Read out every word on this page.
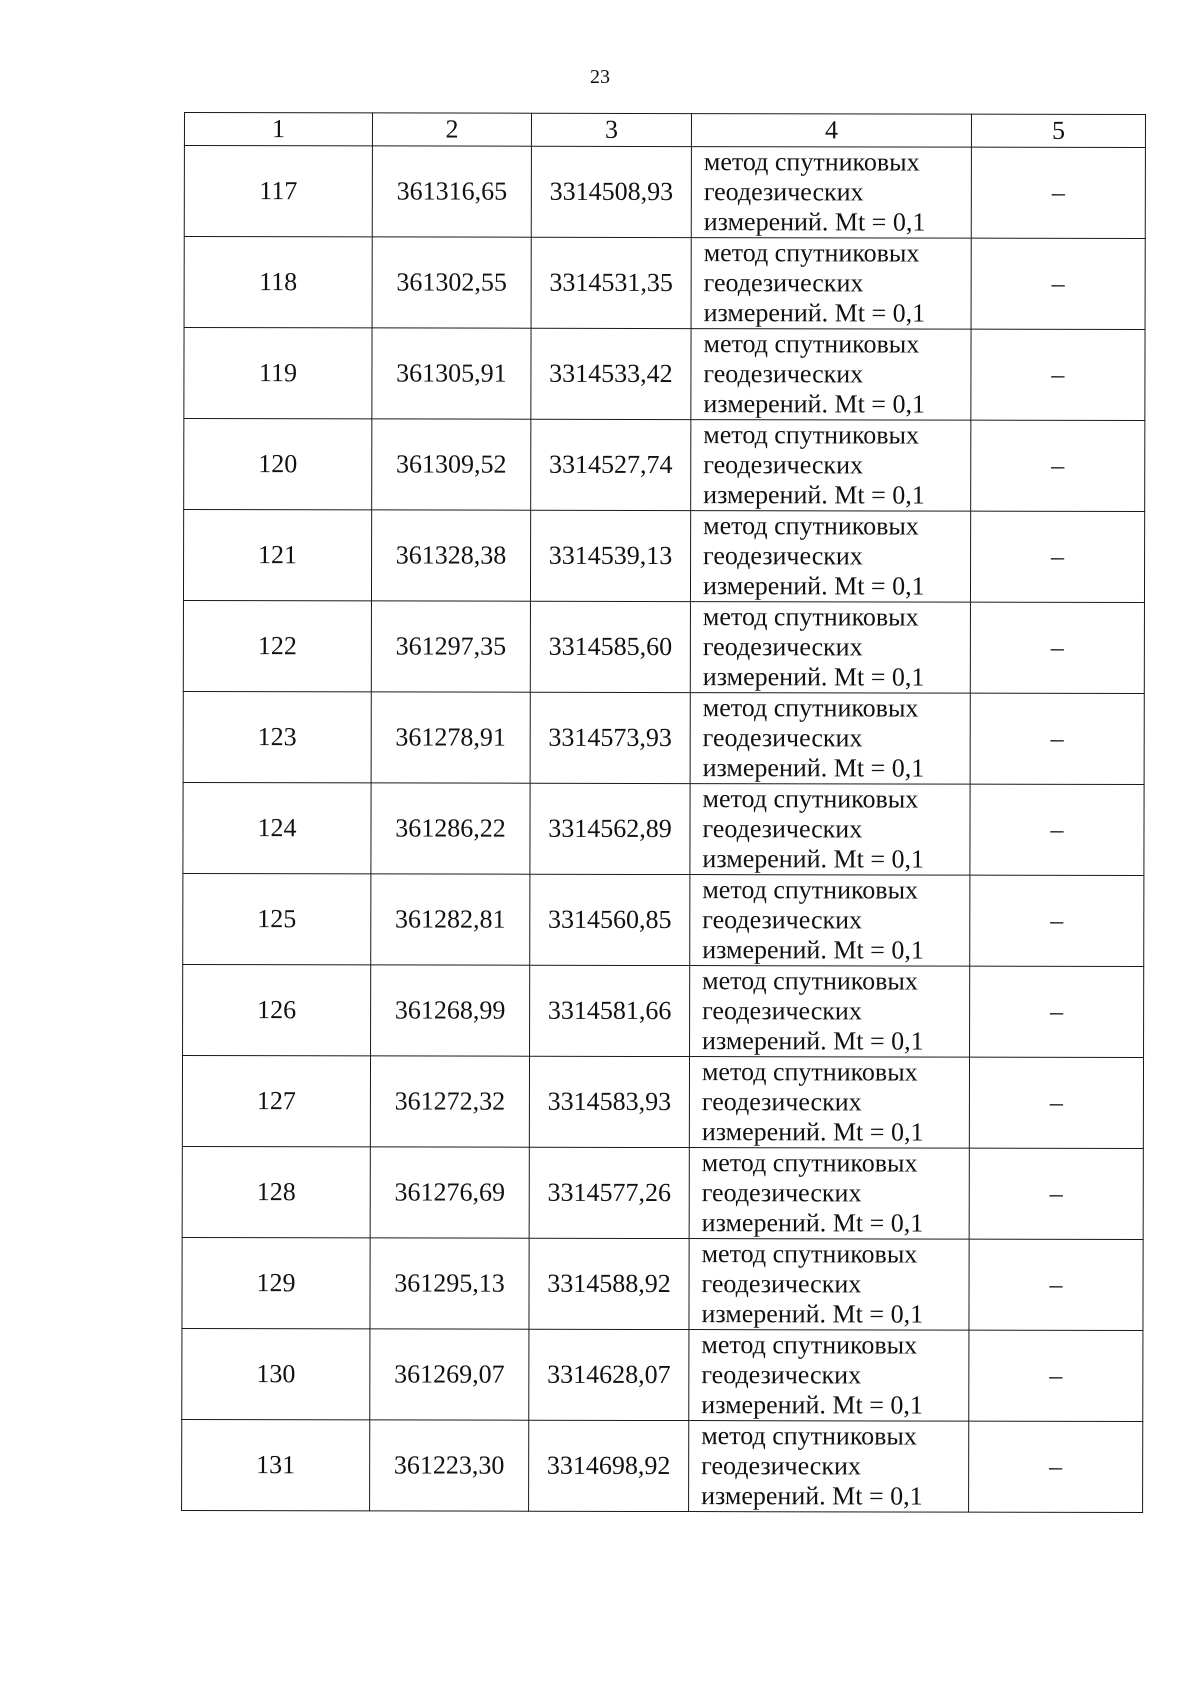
23
1	2	3	4	5
117	361316,65	3314508,93	метод спутниковых
геодезических
измерений. Mt = 0,1	–
118	361302,55	3314531,35	метод спутниковых
геодезических
измерений. Mt = 0,1	–
119	361305,91	3314533,42	метод спутниковых
геодезических
измерений. Mt = 0,1	–
120	361309,52	3314527,74	метод спутниковых
геодезических
измерений. Mt = 0,1	–
121	361328,38	3314539,13	метод спутниковых
геодезических
измерений. Mt = 0,1	–
122	361297,35	3314585,60	метод спутниковых
геодезических
измерений. Mt = 0,1	–
123	361278,91	3314573,93	метод спутниковых
геодезических
измерений. Mt = 0,1	–
124	361286,22	3314562,89	метод спутниковых
геодезических
измерений. Mt = 0,1	–
125	361282,81	3314560,85	метод спутниковых
геодезических
измерений. Mt = 0,1	–
126	361268,99	3314581,66	метод спутниковых
геодезических
измерений. Mt = 0,1	–
127	361272,32	3314583,93	метод спутниковых
геодезических
измерений. Mt = 0,1	–
128	361276,69	3314577,26	метод спутниковых
геодезических
измерений. Mt = 0,1	–
129	361295,13	3314588,92	метод спутниковых
геодезических
измерений. Mt = 0,1	–
130	361269,07	3314628,07	метод спутниковых
геодезических
измерений. Mt = 0,1	–
131	361223,30	3314698,92	метод спутниковых
геодезических
измерений. Mt = 0,1	–
